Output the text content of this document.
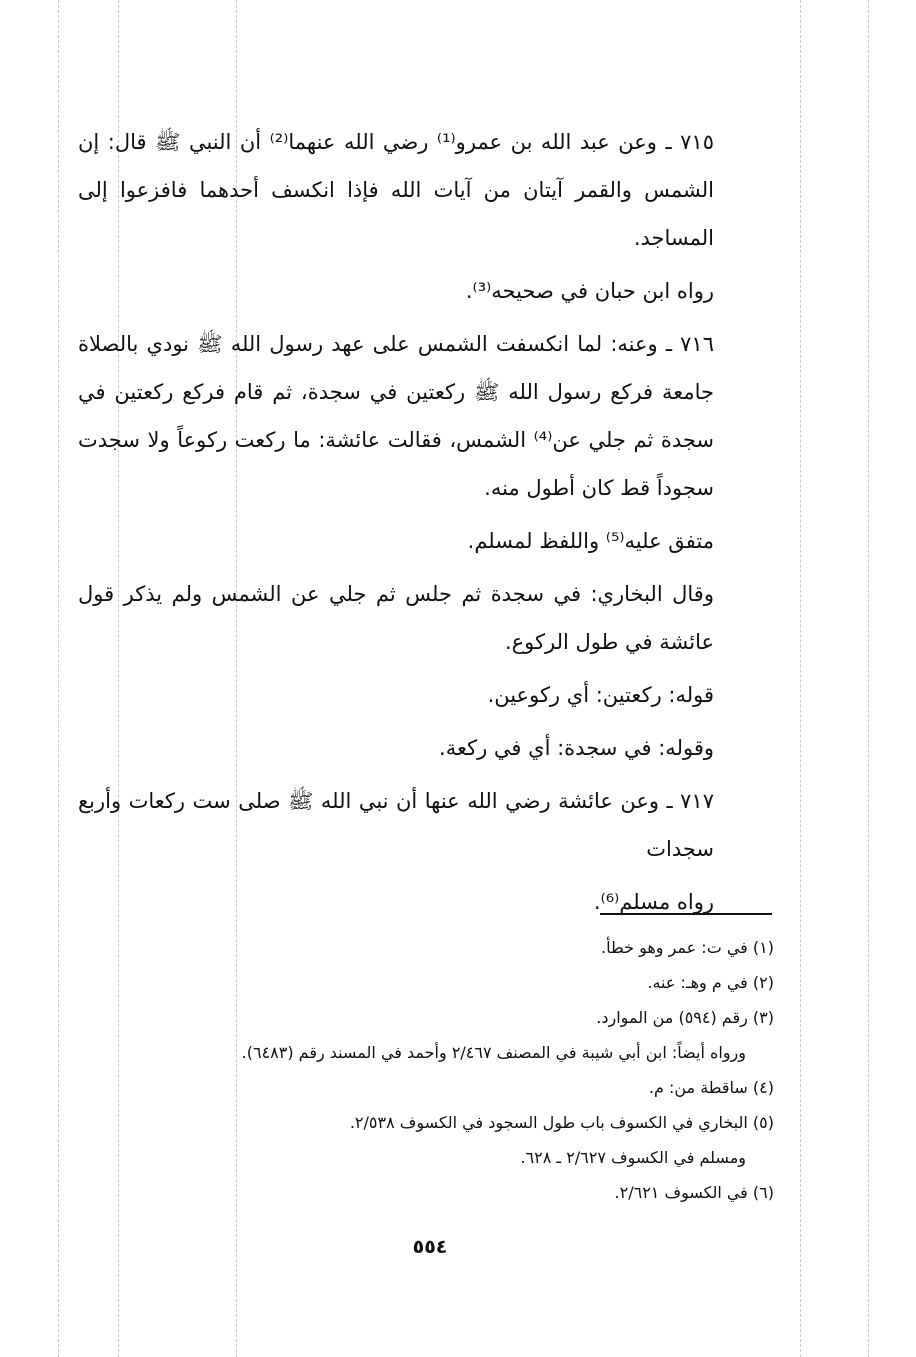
٧١٥ ـ وعن عبد الله بن عمرو⁽¹⁾ رضي الله عنهما⁽²⁾ أن النبي ﷺ قال: إن الشمس والقمر آيتان من آيات الله فإذا انكسف أحدهما فافزعوا إلى المساجد.

رواه ابن حبان في صحيحه⁽³⁾.

٧١٦ ـ وعنه: لما انكسفت الشمس على عهد رسول الله ﷺ نودي بالصلاة جامعة فركع رسول الله ﷺ ركعتين في سجدة، ثم قام فركع ركعتين في سجدة ثم جلي عن⁽⁴⁾ الشمس، فقالت عائشة: ما ركعت ركوعاً ولا سجدت سجوداً قط كان أطول منه.

متفق عليه⁽⁵⁾ واللفظ لمسلم.

وقال البخاري: في سجدة ثم جلس ثم جلي عن الشمس ولم يذكر قول عائشة في طول الركوع.

قوله: ركعتين: أي ركوعين.

وقوله: في سجدة: أي في ركعة.

٧١٧ ـ وعن عائشة رضي الله عنها أن نبي الله ﷺ صلى ست ركعات وأربع سجدات

رواه مسلم⁽⁶⁾.

(١) في ت: عمر وهو خطأ.

(٢) في م وهـ: عنه.

(٣) رقم (٥٩٤) من الموارد.

ورواه أيضاً: ابن أبي شيبة في المصنف ٢/٤٦٧ وأحمد في المسند رقم (٦٤٨٣).

(٤) ساقطة من: م.

(٥) البخاري في الكسوف باب طول السجود في الكسوف ٢/٥٣٨.

ومسلم في الكسوف ٢/٦٢٧ ـ ٦٢٨.

(٦) في الكسوف ٢/٦٢١.

٥٥٤
